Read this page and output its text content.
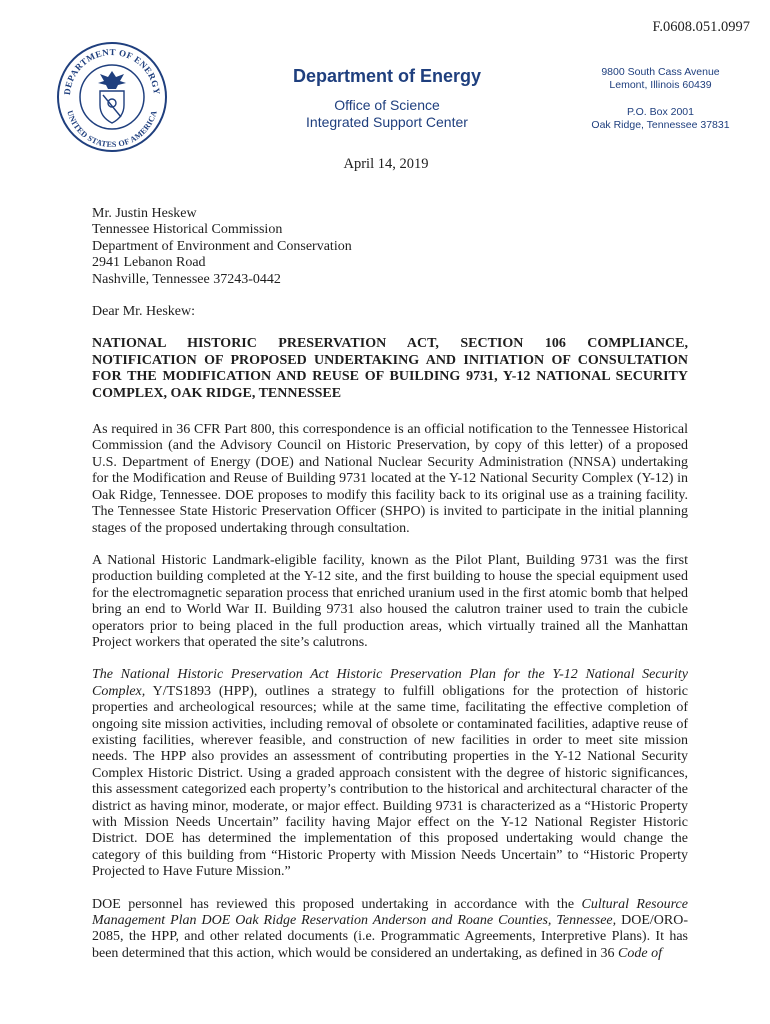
F.0608.051.0997
DEPARTMENT OF ENERGY
UNITED STATES OF AMERICA
Department of Energy
Office of Science
Integrated Support Center
9800 South Cass Avenue
Lemont, Illinois 60439
P.O. Box 2001
Oak Ridge, Tennessee 37831
April 14, 2019
Mr. Justin Heskew
Tennessee Historical Commission
Department of Environment and Conservation
2941 Lebanon Road
Nashville, Tennessee 37243-0442
Dear Mr. Heskew:
NATIONAL HISTORIC PRESERVATION ACT, SECTION 106 COMPLIANCE, NOTIFICATION OF PROPOSED UNDERTAKING AND INITIATION OF CONSULTATION FOR THE MODIFICATION AND REUSE OF BUILDING 9731, Y-12 NATIONAL SECURITY COMPLEX, OAK RIDGE, TENNESSEE

As required in 36 CFR Part 800, this correspondence is an official notification to the Tennessee Historical Commission (and the Advisory Council on Historic Preservation, by copy of this letter) of a proposed U.S. Department of Energy (DOE) and National Nuclear Security Administration (NNSA) undertaking for the Modification and Reuse of Building 9731 located at the Y-12 National Security Complex (Y-12) in Oak Ridge, Tennessee. DOE proposes to modify this facility back to its original use as a training facility. The Tennessee State Historic Preservation Officer (SHPO) is invited to participate in the initial planning stages of the proposed undertaking through consultation.

A National Historic Landmark-eligible facility, known as the Pilot Plant, Building 9731 was the first production building completed at the Y-12 site, and the first building to house the special equipment used for the electromagnetic separation process that enriched uranium used in the first atomic bomb that helped bring an end to World War II. Building 9731 also housed the calutron trainer used to train the cubicle operators prior to being placed in the full production areas, which virtually trained all the Manhattan Project workers that operated the site’s calutrons.

The National Historic Preservation Act Historic Preservation Plan for the Y-12 National Security Complex, Y/TS1893 (HPP), outlines a strategy to fulfill obligations for the protection of historic properties and archeological resources; while at the same time, facilitating the effective completion of ongoing site mission activities, including removal of obsolete or contaminated facilities, adaptive reuse of existing facilities, wherever feasible, and construction of new facilities in order to meet site mission needs. The HPP also provides an assessment of contributing properties in the Y-12 National Security Complex Historic District. Using a graded approach consistent with the degree of historic significances, this assessment categorized each property’s contribution to the historical and architectural character of the district as having minor, moderate, or major effect. Building 9731 is characterized as a “Historic Property with Mission Needs Uncertain” facility having Major effect on the Y-12 National Register Historic District. DOE has determined the implementation of this proposed undertaking would change the category of this building from “Historic Property with Mission Needs Uncertain” to “Historic Property Projected to Have Future Mission.”

DOE personnel has reviewed this proposed undertaking in accordance with the Cultural Resource Management Plan DOE Oak Ridge Reservation Anderson and Roane Counties, Tennessee, DOE/ORO-2085, the HPP, and other related documents (i.e. Programmatic Agreements, Interpretive Plans). It has been determined that this action, which would be considered an undertaking, as defined in 36 Code of
